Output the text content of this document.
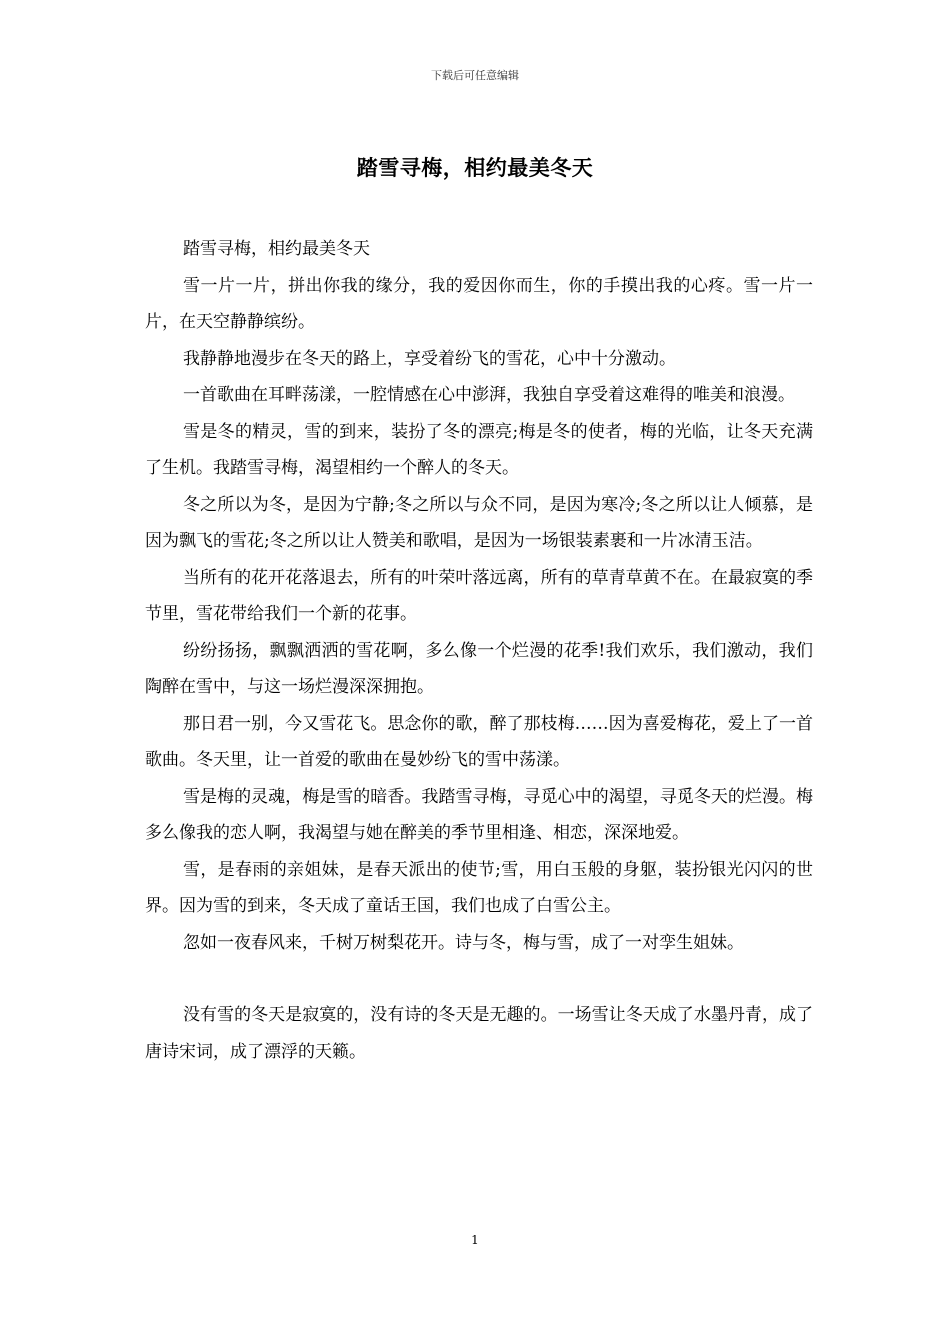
下载后可任意编辑
踏雪寻梅，相约最美冬天

踏雪寻梅，相约最美冬天

雪一片一片，拼出你我的缘分，我的爱因你而生，你的手摸出我的心疼。雪一片一片，在天空静静缤纷。

我静静地漫步在冬天的路上，享受着纷飞的雪花，心中十分激动。

一首歌曲在耳畔荡漾，一腔情感在心中澎湃，我独自享受着这难得的唯美和浪漫。

雪是冬的精灵，雪的到来，装扮了冬的漂亮;梅是冬的使者，梅的光临，让冬天充满了生机。我踏雪寻梅，渴望相约一个醉人的冬天。

冬之所以为冬，是因为宁静;冬之所以与众不同，是因为寒冷;冬之所以让人倾慕，是因为飘飞的雪花;冬之所以让人赞美和歌唱，是因为一场银装素裹和一片冰清玉洁。

当所有的花开花落退去，所有的叶荣叶落远离，所有的草青草黄不在。在最寂寞的季节里，雪花带给我们一个新的花事。

纷纷扬扬，飘飘洒洒的雪花啊，多么像一个烂漫的花季!我们欢乐，我们激动，我们陶醉在雪中，与这一场烂漫深深拥抱。

那日君一别，今又雪花飞。思念你的歌，醉了那枝梅……因为喜爱梅花，爱上了一首歌曲。冬天里，让一首爱的歌曲在曼妙纷飞的雪中荡漾。

雪是梅的灵魂，梅是雪的暗香。我踏雪寻梅，寻觅心中的渴望，寻觅冬天的烂漫。梅多么像我的恋人啊，我渴望与她在醉美的季节里相逢、相恋，深深地爱。

雪，是春雨的亲姐妹，是春天派出的使节;雪，用白玉般的身躯，装扮银光闪闪的世界。因为雪的到来，冬天成了童话王国，我们也成了白雪公主。

忽如一夜春风来，千树万树梨花开。诗与冬，梅与雪，成了一对孪生姐妹。

没有雪的冬天是寂寞的，没有诗的冬天是无趣的。一场雪让冬天成了水墨丹青，成了唐诗宋词，成了漂浮的天籁。

1
